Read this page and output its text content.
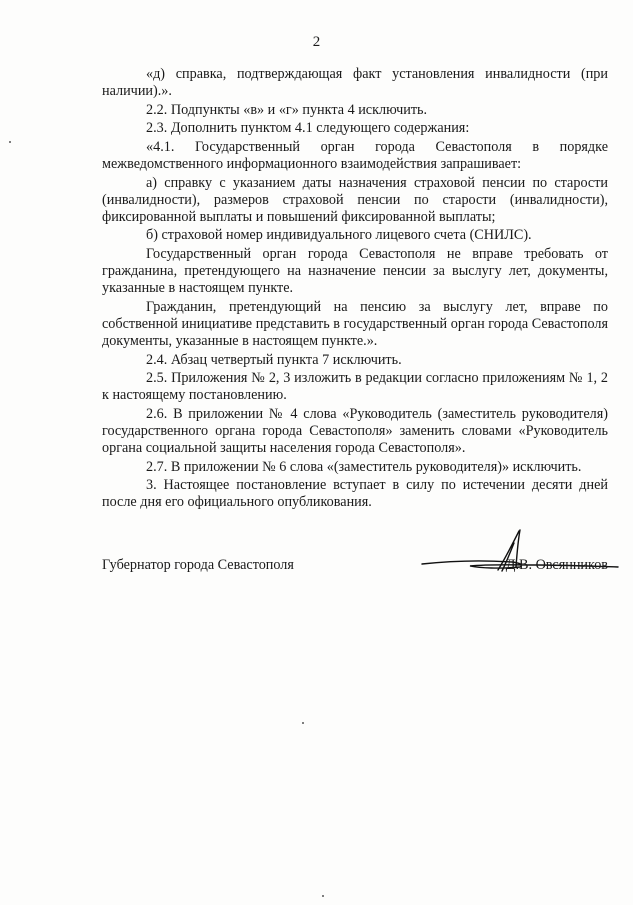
2

«д) справка, подтверждающая факт установления инвалидности (при наличии).».

2.2. Подпункты «в» и «г» пункта 4 исключить.

2.3. Дополнить пунктом 4.1 следующего содержания:

«4.1. Государственный орган города Севастополя в порядке межведомственного информационного взаимодействия запрашивает:

а) справку с указанием даты назначения страховой пенсии по старости (инвалидности), размеров страховой пенсии по старости (инвалидности), фиксированной выплаты и повышений фиксированной выплаты;

б) страховой номер индивидуального лицевого счета (СНИЛС).

Государственный орган города Севастополя не вправе требовать от гражданина, претендующего на назначение пенсии за выслугу лет, документы, указанные в настоящем пункте.

Гражданин, претендующий на пенсию за выслугу лет, вправе по собственной инициативе представить в государственный орган города Севастополя документы, указанные в настоящем пункте.».

2.4. Абзац четвертый пункта 7 исключить.

2.5. Приложения № 2, 3 изложить в редакции согласно приложениям № 1, 2 к настоящему постановлению.

2.6. В приложении № 4 слова «Руководитель (заместитель руководителя) государственного органа города Севастополя» заменить словами «Руководитель органа социальной защиты населения города Севастополя».

2.7. В приложении № 6 слова «(заместитель руководителя)» исключить.

3. Настоящее постановление вступает в силу по истечении десяти дней после дня его официального опубликования.

Губернатор города Севастополя	Д.В. Овсянников
